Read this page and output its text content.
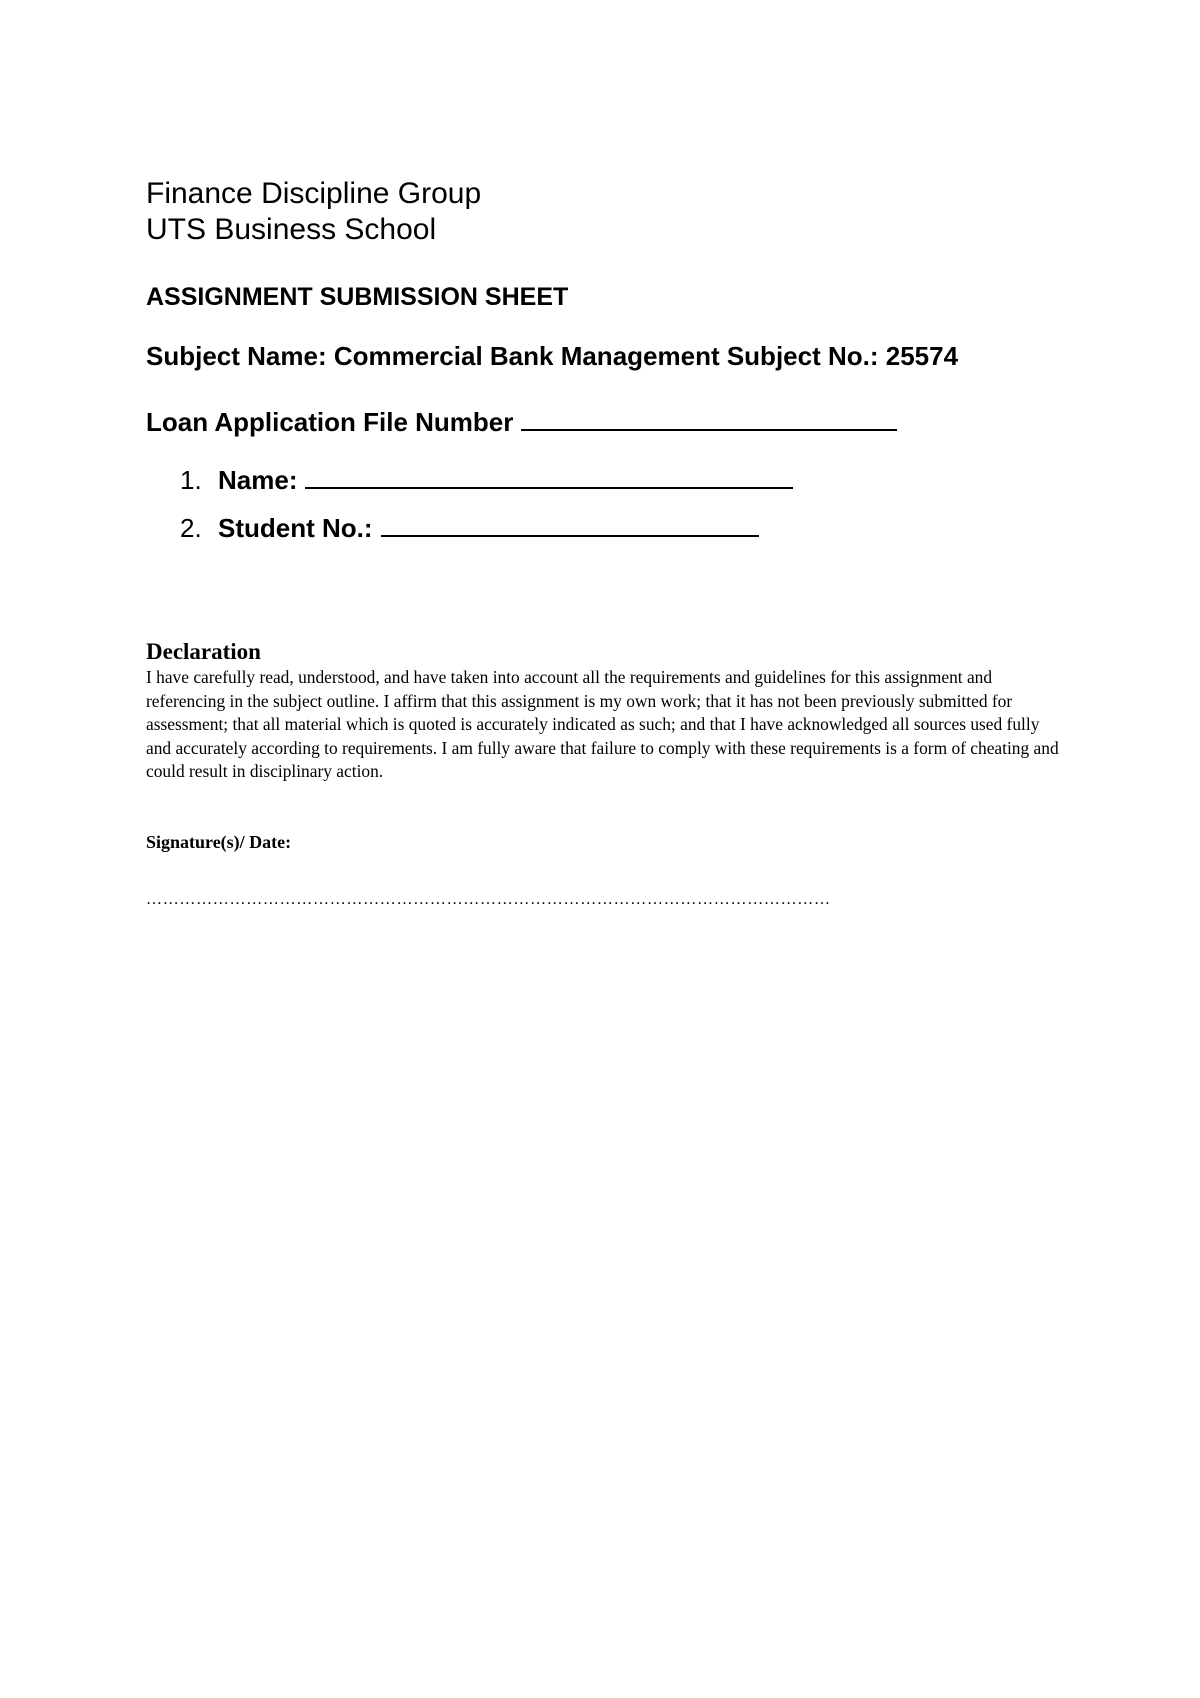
Finance Discipline Group
UTS Business School
ASSIGNMENT SUBMISSION SHEET
Subject Name: Commercial Bank Management Subject No.: 25574
Loan Application File Number
1. Name:
2. Student No.:
Declaration

I have carefully read, understood, and have taken into account all the requirements and guidelines for this assignment and referencing in the subject outline. I affirm that this assignment is my own work; that it has not been previously submitted for assessment; that all material which is quoted is accurately indicated as such; and that I have acknowledged all sources used fully and accurately according to requirements. I am fully aware that failure to comply with these requirements is a form of cheating and could result in disciplinary action.

Signature(s)/ Date:
……………………………………………………………………………………………………………
